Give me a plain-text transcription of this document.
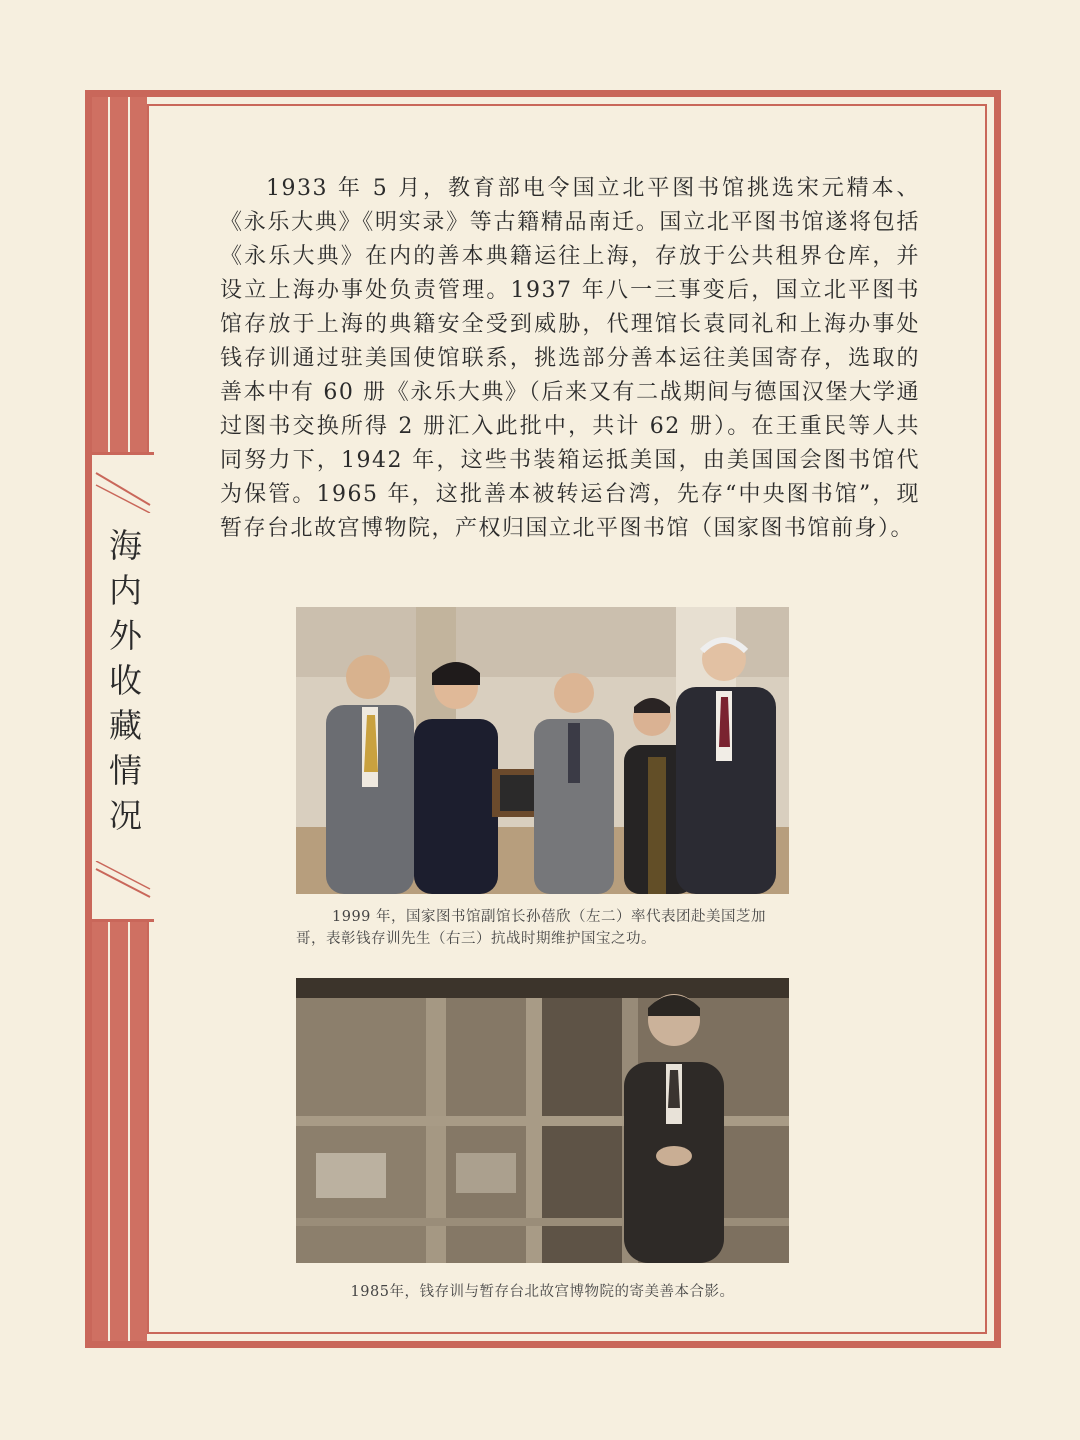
海内外收藏情况
1933 年 5 月，教育部电令国立北平图书馆挑选宋元精本、《永乐大典》《明实录》等古籍精品南迁。国立北平图书馆遂将包括《永乐大典》在内的善本典籍运往上海，存放于公共租界仓库，并设立上海办事处负责管理。1937 年八一三事变后，国立北平图书馆存放于上海的典籍安全受到威胁，代理馆长袁同礼和上海办事处钱存训通过驻美国使馆联系，挑选部分善本运往美国寄存，选取的善本中有 60 册《永乐大典》（后来又有二战期间与德国汉堡大学通过图书交换所得 2 册汇入此批中，共计 62 册）。在王重民等人共同努力下，1942 年，这些书装箱运抵美国，由美国国会图书馆代为保管。1965 年，这批善本被转运台湾，先存“中央图书馆”，现暂存台北故宫博物院，产权归国立北平图书馆（国家图书馆前身）。
1999 年，国家图书馆副馆长孙蓓欣（左二）率代表团赴美国芝加哥，表彰钱存训先生（右三）抗战时期维护国宝之功。
1985年，钱存训与暂存台北故宫博物院的寄美善本合影。
